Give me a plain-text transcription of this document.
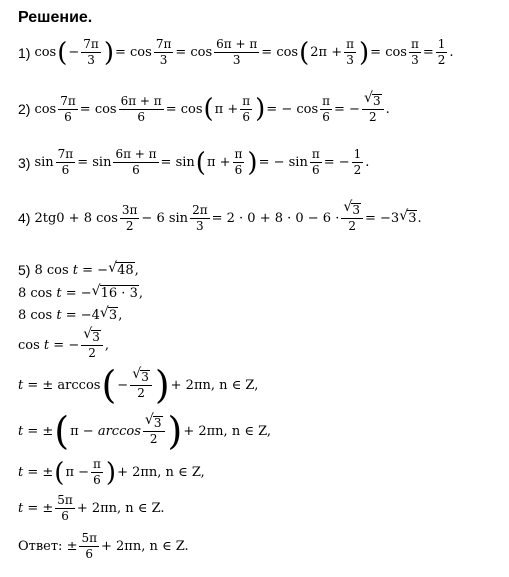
Решение.
1) cos ( − $\frac{7\pi}{3}$ ) =
$\cos \frac{7\pi}{3}$ =
$\cos \frac{6\pi + \pi}{3}$ =
cos ( $2\pi + \frac{\pi}{3}$ ) =
$\cos \frac{\pi}{3} = \frac{1}{2}$ .
2) $\cos \frac{7\pi}{6}$ =
$\cos \frac{6\pi + \pi}{6}$ =
cos ( $\pi + \frac{\pi}{6}$ ) = − $\cos \frac{\pi}{6}$ = − √ $\frac{3}{2}$ .
3) $\sin \frac{7\pi}{6}$ =
$\sin \frac{6\pi + \pi}{6}$ =
sin ( $\pi + \frac{\pi}{6}$ ) = − $\sin \frac{\pi}{6}$ = − $\frac{1}{2}$ .
4) 2tg0 + 8 $\cos \frac{3\pi}{2} - 6$ $\sin \frac{2\pi}{3} = 2 \cdot 0 + 8 \cdot 0 - 6$ · √ $\frac{3}{2} = -3$ √ 3 .
5) 8 cos
t
= − √ 48 ,
8 cos
t
= − √ 16 · 3 ,
8 cos
t
= −4 √ 3 ,
cos
t
= − √ $\frac{3}{2}$ ,
t
= ± arccos ( − √ $\frac{3}{2}$ ) + 2πn, n ∈ Z,
t
= ± ( π −
arccos √ $\frac{3}{2}$ ) + 2πn, n ∈ Z,
t
= ± ( $\pi - \frac{\pi}{6}$ ) + 2πn, n ∈ Z,
t
= ± $\frac{5\pi}{6} + 2\pi n$, n ∈ Z.
Ответ:
± $\frac{5\pi}{6} + 2\pi n$, n ∈ Z.
